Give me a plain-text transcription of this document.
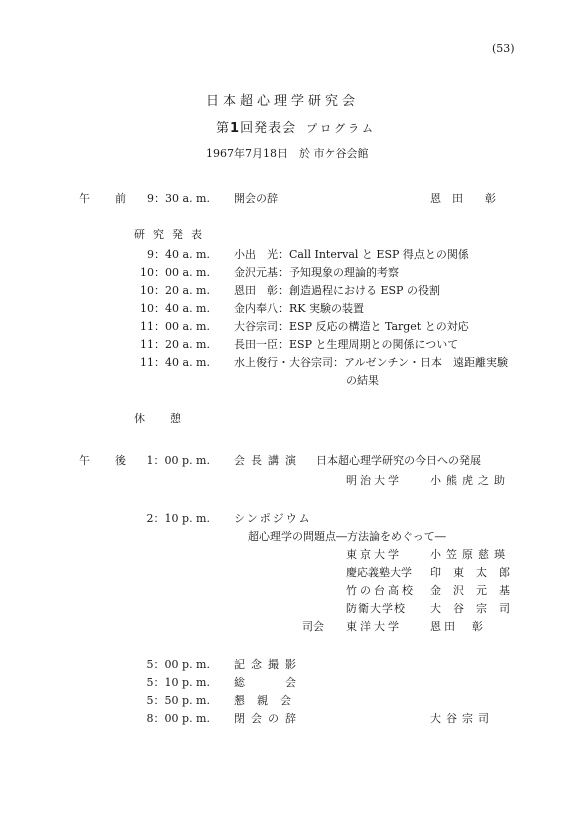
(53)
日本超心理学研究会
第1回発表会 プログラム
1967年7月18日　於 市ケ谷会館
午　前	9：30 a. m. 開会の辞	恩　田　　彰
研究発表
9：40 a. m. 小出　光：Call Interval と ESP 得点との関係
10：00 a. m. 金沢元基：予知現象の理論的考察
10：20 a. m. 恩田　彰：創造過程における ESP の役割
10：40 a. m. 金内奉八：RK 実験の装置
11：00 a. m. 大谷宗司：ESP 反応の構造と Target との対応
11：20 a. m. 長田一臣：ESP と生理周期との関係について
11：40 a. m. 水上俊行・大谷宗司：アルゼンチン・日本　遠距離実験
の結果
休　憩
午　後	1：00 p. m. 会長講演 日本超心理学研究の今日への発展
明治大学	小熊虎之助
2：10 p. m. シンポジウム
超心理学の問題点―方法論をめぐって―
東京大学	小笠原慈瑛
慶応義塾大学 印東太郎
竹の台高校 金沢元基
防衛大学校 大谷宗司
司会 東洋大学	恩田　彰
5：00 p. m. 記念撮影
5：10 p. m. 総　　会
5：50 p. m. 懇親会
8：00 p. m. 閉会の辞	大谷宗司
